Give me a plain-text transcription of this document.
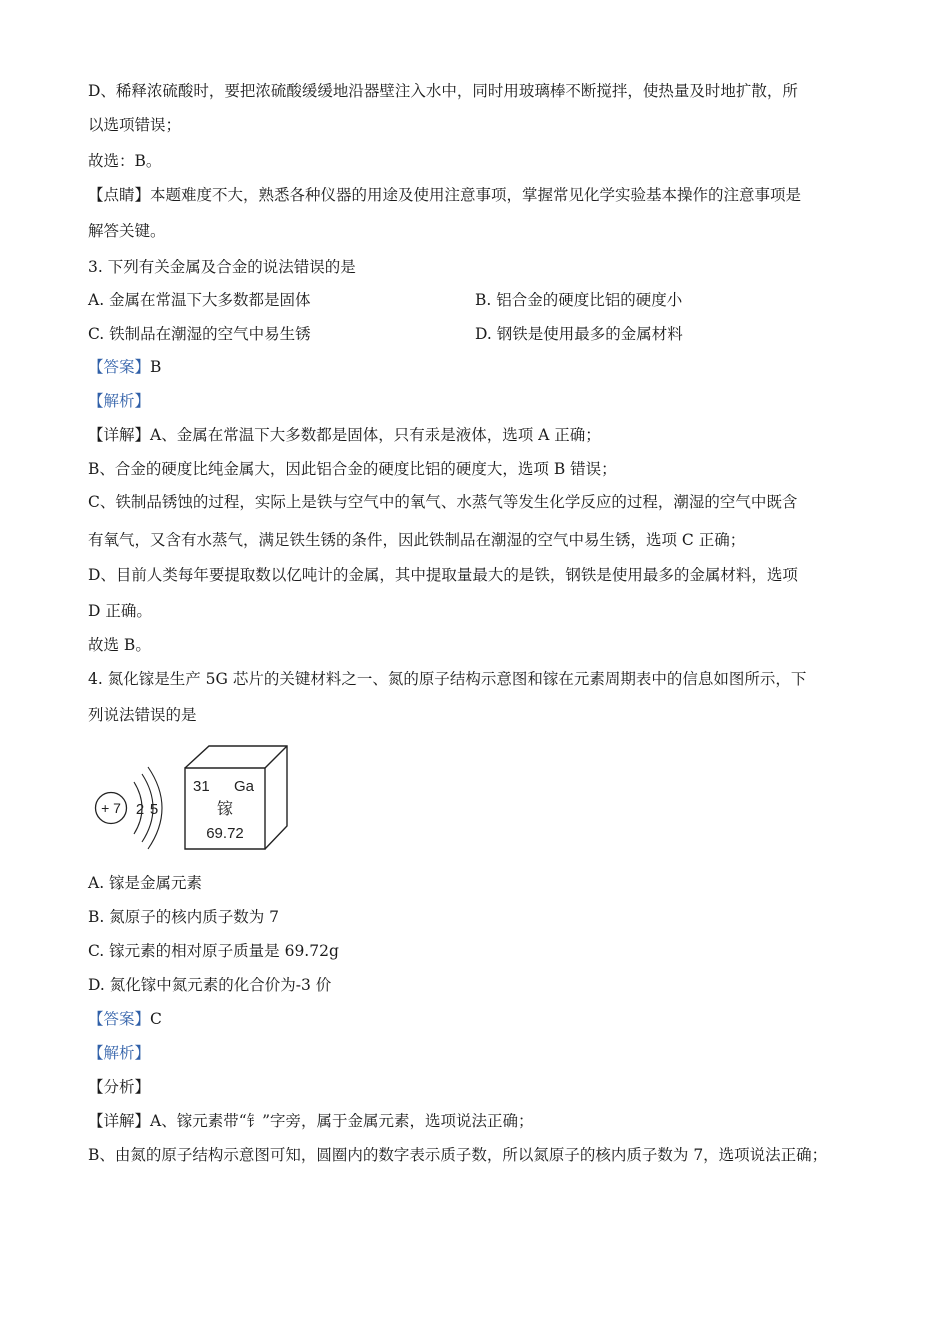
D、稀释浓硫酸时，要把浓硫酸缓缓地沿器壁注入水中，同时用玻璃棒不断搅拌，使热量及时地扩散，所
以选项错误；
故选：B。
【点睛】本题难度不大，熟悉各种仪器的用途及使用注意事项，掌握常见化学实验基本操作的注意事项是
解答关键。
3. 下列有关金属及合金的说法错误的是
A. 金属在常温下大多数都是固体	B. 铝合金的硬度比铝的硬度小
C. 铁制品在潮湿的空气中易生锈	D. 钢铁是使用最多的金属材料
【答案】B
【解析】
【详解】A、金属在常温下大多数都是固体，只有汞是液体，选项 A 正确；
B、合金的硬度比纯金属大，因此铝合金的硬度比铝的硬度大，选项 B 错误；
C、铁制品锈蚀的过程，实际上是铁与空气中的氧气、水蒸气等发生化学反应的过程，潮湿的空气中既含
有氧气，又含有水蒸气，满足铁生锈的条件，因此铁制品在潮湿的空气中易生锈，选项 C 正确；
D、目前人类每年要提取数以亿吨计的金属，其中提取量最大的是铁，钢铁是使用最多的金属材料，选项
D 正确。
故选 B。
4. 氮化镓是生产 5G 芯片的关键材料之一、氮的原子结构示意图和镓在元素周期表中的信息如图所示，下
列说法错误的是
+ 7 2 5
31 Ga
镓
69.72
A. 镓是金属元素
B. 氮原子的核内质子数为 7
C. 镓元素的相对原子质量是 69.72g
D. 氮化镓中氮元素的化合价为-3 价
【答案】C
【解析】
【分析】
【详解】A、镓元素带“钅”字旁，属于金属元素，选项说法正确；
B、由氮的原子结构示意图可知，圆圈内的数字表示质子数，所以氮原子的核内质子数为 7，选项说法正确；
